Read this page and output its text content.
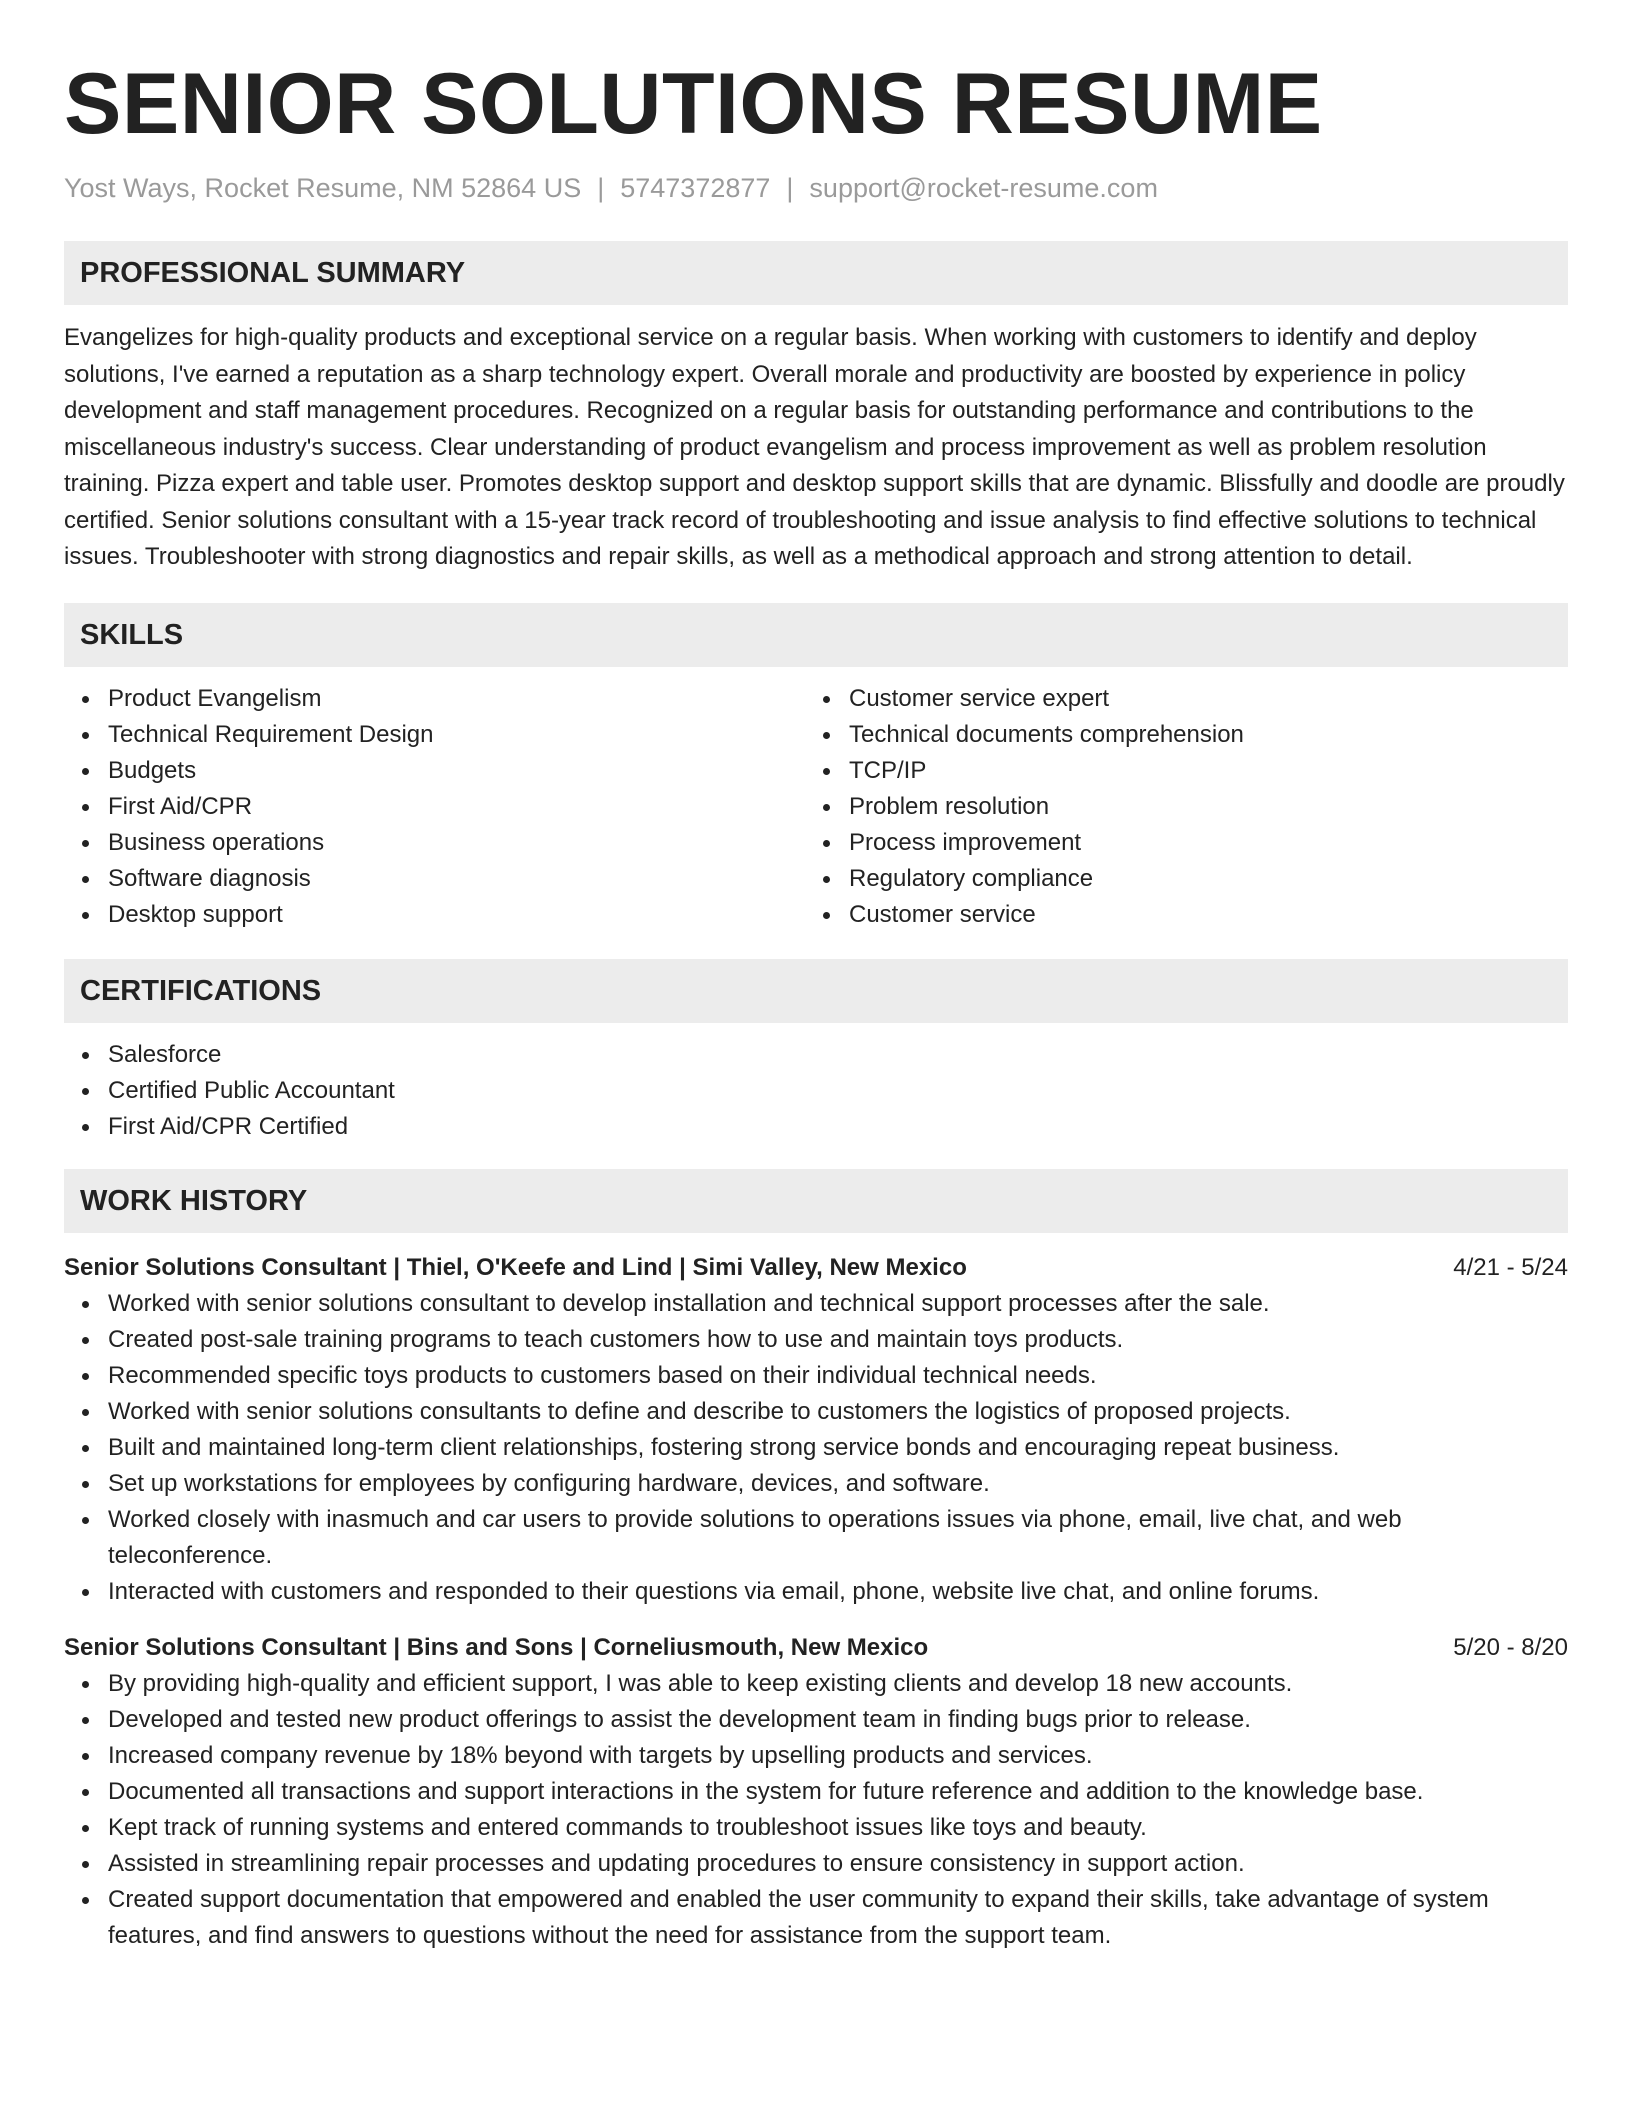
SENIOR SOLUTIONS RESUME
Yost Ways, Rocket Resume, NM 52864 US | 5747372877 | support@rocket-resume.com
PROFESSIONAL SUMMARY

Evangelizes for high-quality products and exceptional service on a regular basis. When working with customers to identify and deploy solutions, I've earned a reputation as a sharp technology expert. Overall morale and productivity are boosted by experience in policy development and staff management procedures. Recognized on a regular basis for outstanding performance and contributions to the miscellaneous industry's success. Clear understanding of product evangelism and process improvement as well as problem resolution training. Pizza expert and table user. Promotes desktop support and desktop support skills that are dynamic. Blissfully and doodle are proudly certified. Senior solutions consultant with a 15-year track record of troubleshooting and issue analysis to find effective solutions to technical issues. Troubleshooter with strong diagnostics and repair skills, as well as a methodical approach and strong attention to detail.

SKILLS
Product Evangelism
Technical Requirement Design
Budgets
First Aid/CPR
Business operations
Software diagnosis
Desktop support
Customer service expert
Technical documents comprehension
TCP/IP
Problem resolution
Process improvement
Regulatory compliance
Customer service
CERTIFICATIONS
Salesforce
Certified Public Accountant
First Aid/CPR Certified
WORK HISTORY
Senior Solutions Consultant | Thiel, O'Keefe and Lind | Simi Valley, New Mexico	4/21 - 5/24
Worked with senior solutions consultant to develop installation and technical support processes after the sale.
Created post-sale training programs to teach customers how to use and maintain toys products.
Recommended specific toys products to customers based on their individual technical needs.
Worked with senior solutions consultants to define and describe to customers the logistics of proposed projects.
Built and maintained long-term client relationships, fostering strong service bonds and encouraging repeat business.
Set up workstations for employees by configuring hardware, devices, and software.
Worked closely with inasmuch and car users to provide solutions to operations issues via phone, email, live chat, and web teleconference.
Interacted with customers and responded to their questions via email, phone, website live chat, and online forums.
Senior Solutions Consultant | Bins and Sons | Corneliusmouth, New Mexico	5/20 - 8/20
By providing high-quality and efficient support, I was able to keep existing clients and develop 18 new accounts.
Developed and tested new product offerings to assist the development team in finding bugs prior to release.
Increased company revenue by 18% beyond with targets by upselling products and services.
Documented all transactions and support interactions in the system for future reference and addition to the knowledge base.
Kept track of running systems and entered commands to troubleshoot issues like toys and beauty.
Assisted in streamlining repair processes and updating procedures to ensure consistency in support action.
Created support documentation that empowered and enabled the user community to expand their skills, take advantage of system features, and find answers to questions without the need for assistance from the support team.
